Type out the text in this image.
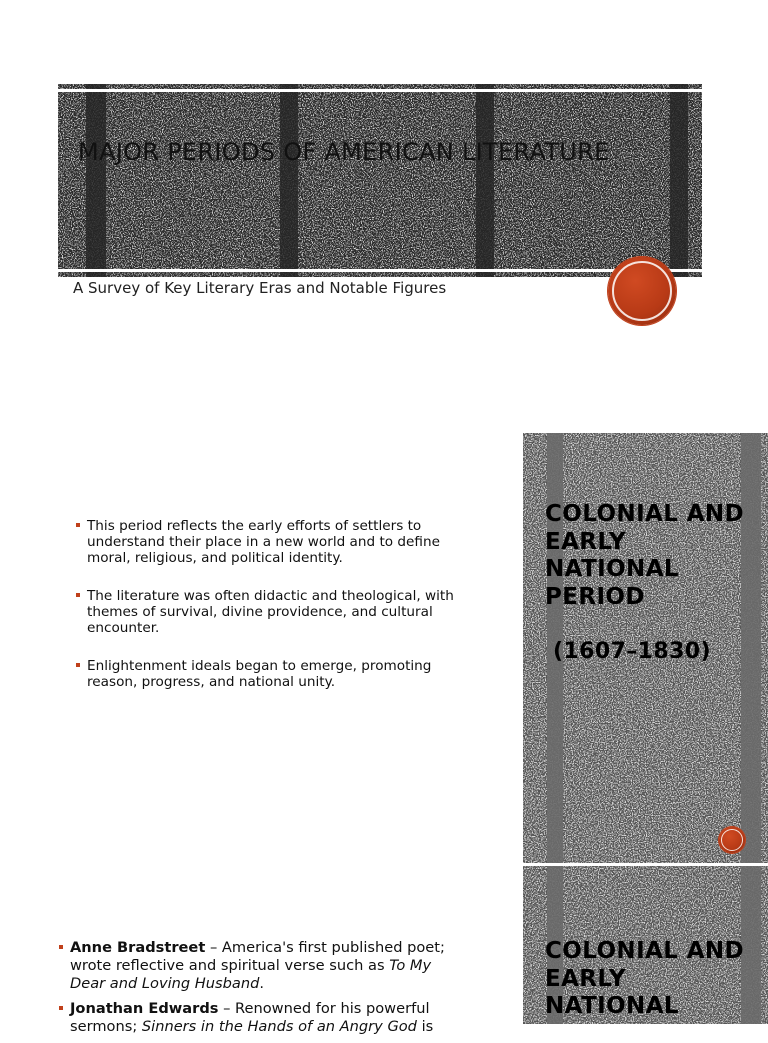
MAJOR PERIODS OF AMERICAN LITERATURE

A Survey of Key Literary Eras and Notable Figures

COLONIAL AND EARLY NATIONAL PERIOD

(1607–1830)

This period reflects the early efforts of settlers to understand their place in a new world and to define moral, religious, and political identity.
The literature was often didactic and theological, with themes of survival, divine providence, and cultural encounter.
Enlightenment ideals began to emerge, promoting reason, progress, and national unity.
COLONIAL AND EARLY NATIONAL
Anne Bradstreet – America's first published poet; wrote reflective and spiritual verse such as To My Dear and Loving Husband.
Jonathan Edwards – Renowned for his powerful sermons; Sinners in the Hands of an Angry God is
